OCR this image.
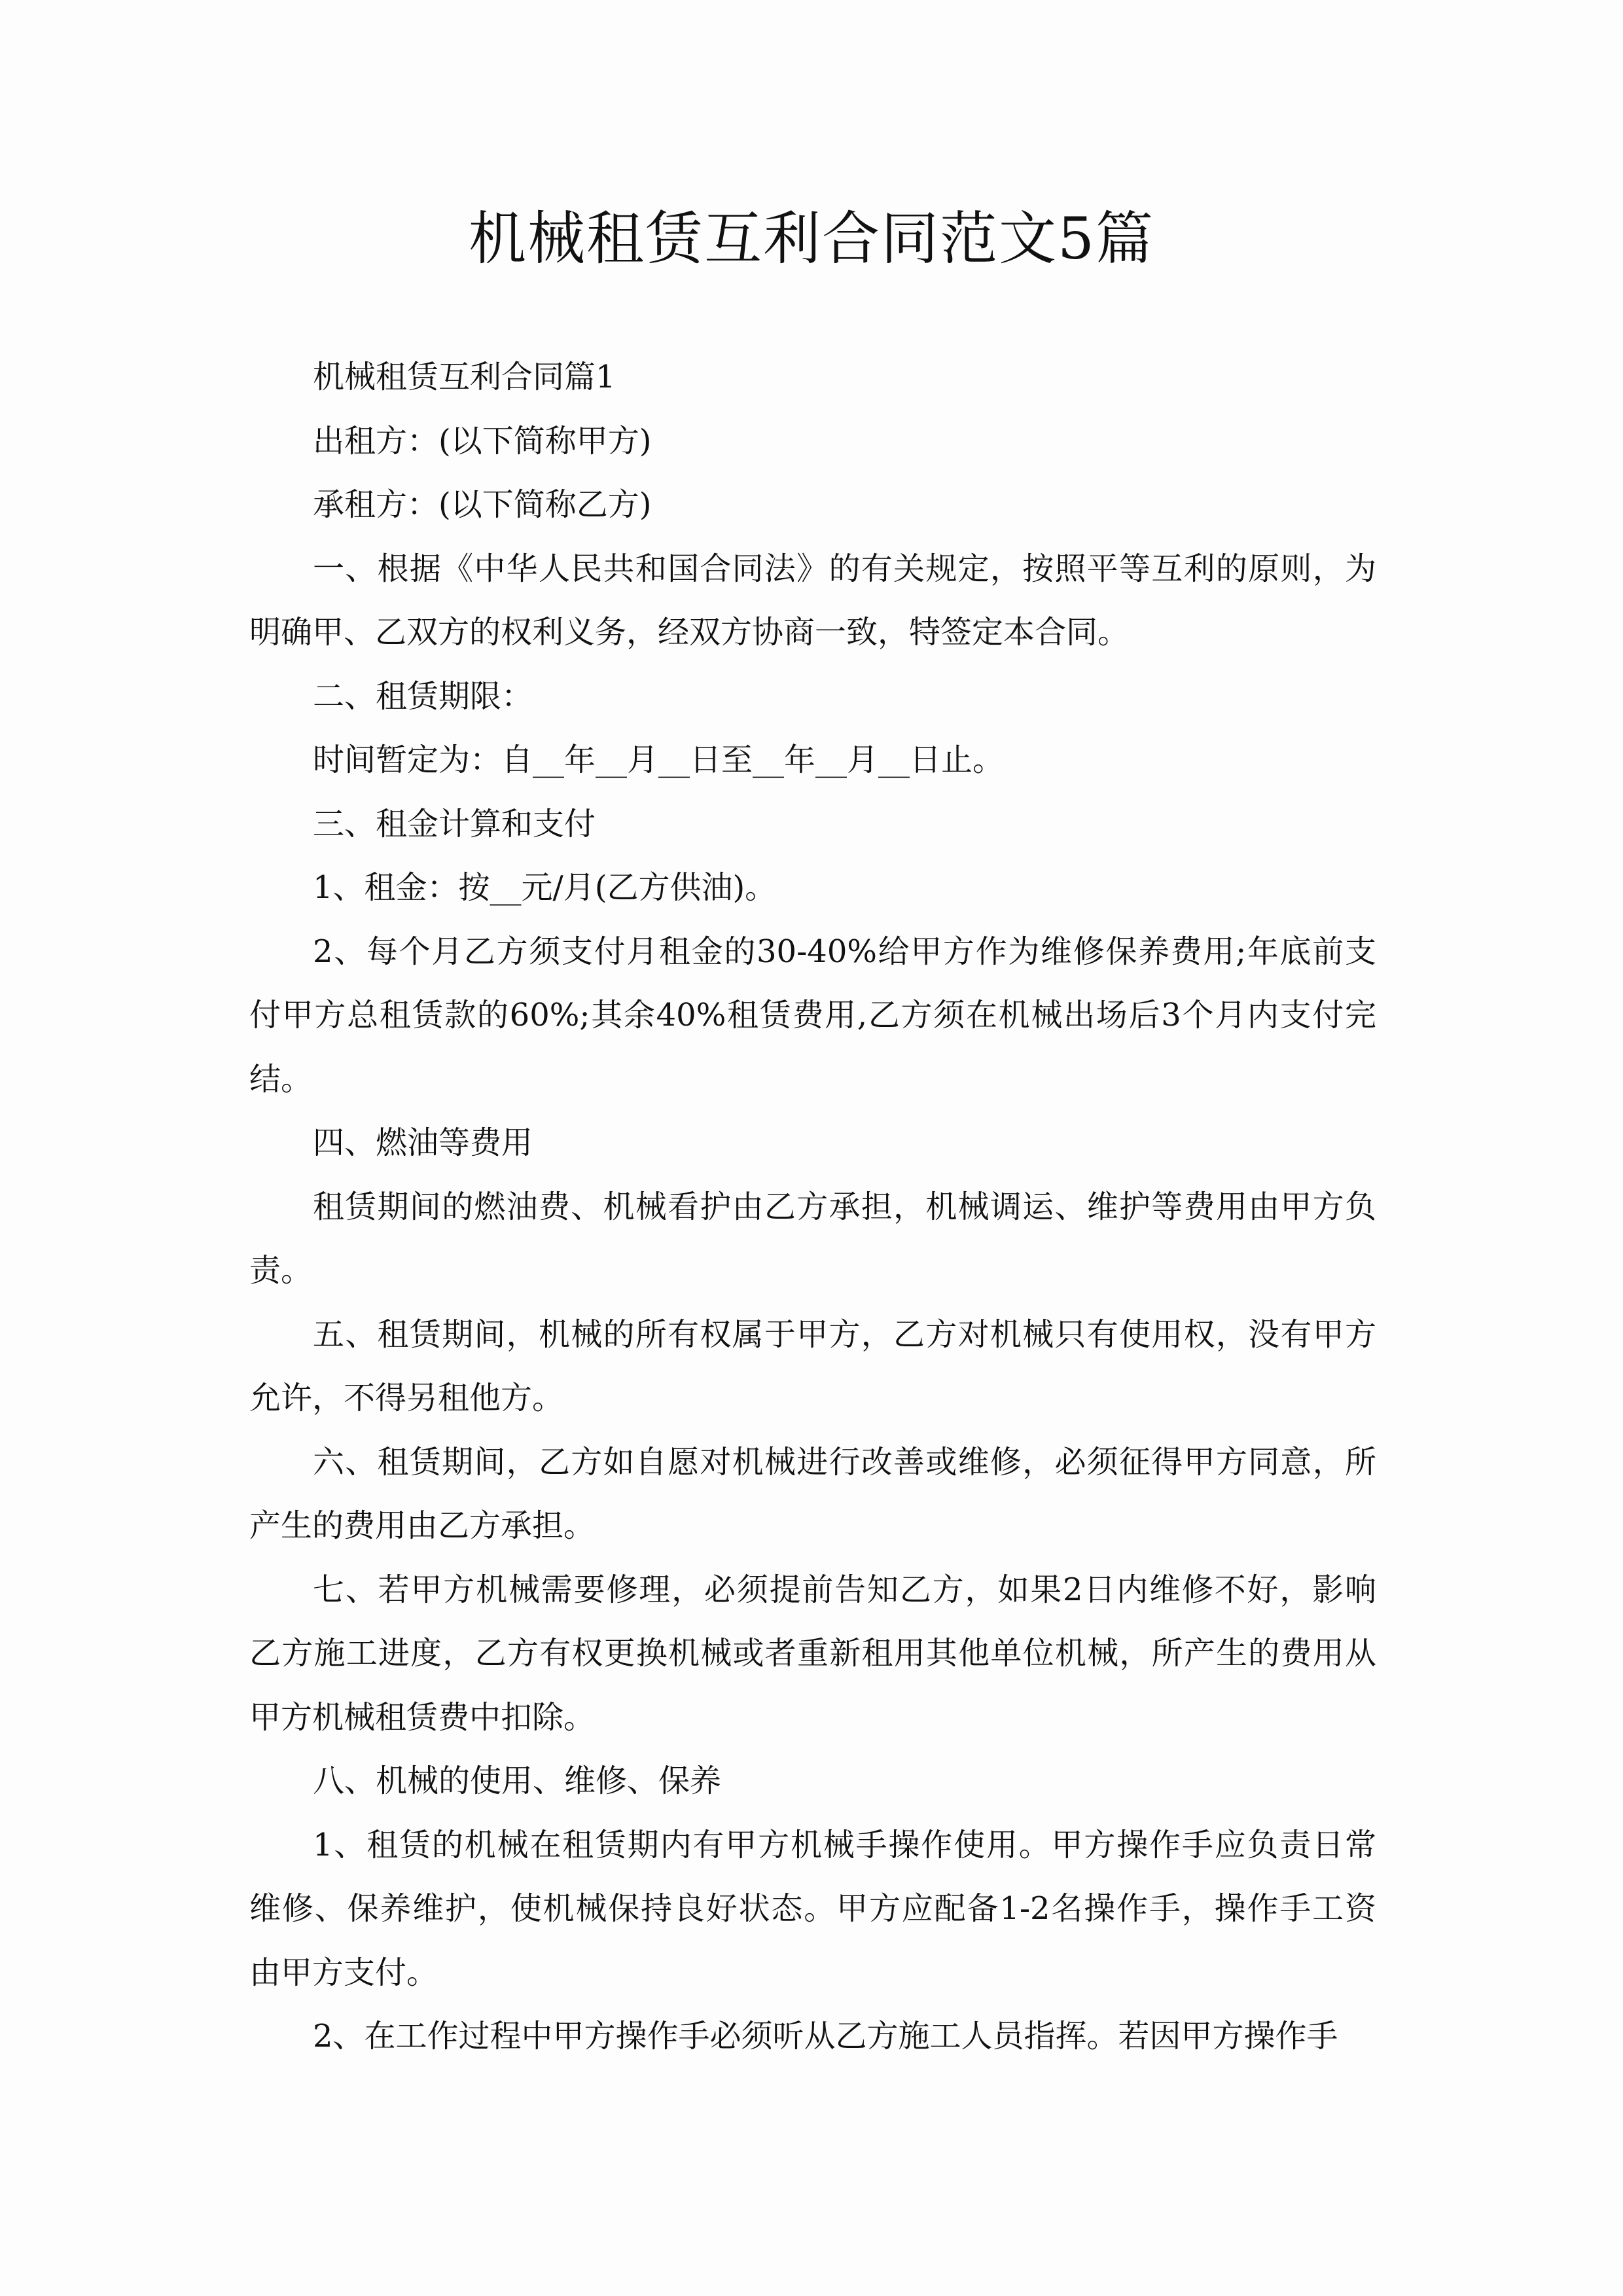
机械租赁互利合同范文5篇
机械租赁互利合同篇1
出租方：(以下简称甲方)
承租方：(以下简称乙方)
一、根据《中华人民共和国合同法》的有关规定，按照平等互利的原则，为
明确甲、乙双方的权利义务，经双方协商一致，特签定本合同。
二、租赁期限：
时间暂定为：自__年__月__日至__年__月__日止。
三、租金计算和支付
1、租金：按__元/月(乙方供油)。
2、每个月乙方须支付月租金的30-40%给甲方作为维修保养费用;年底前支
付甲方总租赁款的60%;其余40%租赁费用,乙方须在机械出场后3个月内支付完
结。
四、燃油等费用
租赁期间的燃油费、机械看护由乙方承担，机械调运、维护等费用由甲方负
责。
五、租赁期间，机械的所有权属于甲方，乙方对机械只有使用权，没有甲方
允许，不得另租他方。
六、租赁期间，乙方如自愿对机械进行改善或维修，必须征得甲方同意，所
产生的费用由乙方承担。
七、若甲方机械需要修理，必须提前告知乙方，如果2日内维修不好，影响
乙方施工进度，乙方有权更换机械或者重新租用其他单位机械，所产生的费用从
甲方机械租赁费中扣除。
八、机械的使用、维修、保养
1、租赁的机械在租赁期内有甲方机械手操作使用。甲方操作手应负责日常
维修、保养维护，使机械保持良好状态。甲方应配备1-2名操作手，操作手工资
由甲方支付。
2、在工作过程中甲方操作手必须听从乙方施工人员指挥。若因甲方操作手
